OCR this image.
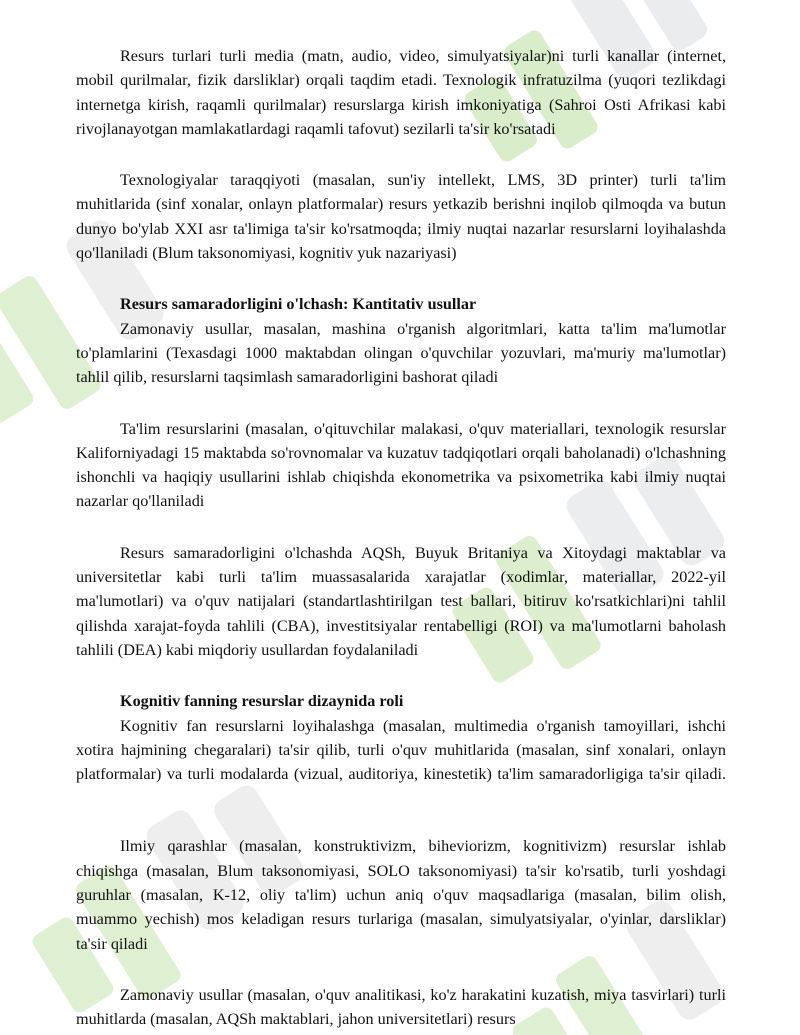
Resurs turlari turli media (matn, audio, video, simulyatsiyalar)ni turli kanallar (internet, mobil qurilmalar, fizik darsliklar) orqali taqdim etadi. Texnologik infratuzilma (yuqori tezlikdagi internetga kirish, raqamli qurilmalar) resurslarga kirish imkoniyatiga (Sahroi Osti Afrikasi kabi rivojlanayotgan mamlakatlardagi raqamli tafovut) sezilarli ta'sir ko'rsatadi

Texnologiyalar taraqqiyoti (masalan, sun'iy intellekt, LMS, 3D printer) turli ta'lim muhitlarida (sinf xonalar, onlayn platformalar) resurs yetkazib berishni inqilob qilmoqda va butun dunyo bo'ylab XXI asr ta'limiga ta'sir ko'rsatmoqda; ilmiy nuqtai nazarlar resurslarni loyihalashda qo'llaniladi (Blum taksonomiyasi, kognitiv yuk nazariyasi)

Resurs samaradorligini o'lchash: Kantitativ usullar

Zamonaviy usullar, masalan, mashina o'rganish algoritmlari, katta ta'lim ma'lumotlar to'plamlarini (Texasdagi 1000 maktabdan olingan o'quvchilar yozuvlari, ma'muriy ma'lumotlar) tahlil qilib, resurslarni taqsimlash samaradorligini bashorat qiladi

Ta'lim resurslarini (masalan, o'qituvchilar malakasi, o'quv materiallari, texnologik resurslar Kaliforniyadagi 15 maktabda so'rovnomalar va kuzatuv tadqiqotlari orqali baholanadi) o'lchashning ishonchli va haqiqiy usullarini ishlab chiqishda ekonometrika va psixometrika kabi ilmiy nuqtai nazarlar qo'llaniladi

Resurs samaradorligini o'lchashda AQSh, Buyuk Britaniya va Xitoydagi maktablar va universitetlar kabi turli ta'lim muassasalarida xarajatlar (xodimlar, materiallar, 2022-yil ma'lumotlari) va o'quv natijalari (standartlashtirilgan test ballari, bitiruv ko'rsatkichlari)ni tahlil qilishda xarajat-foyda tahlili (CBA), investitsiyalar rentabelligi (ROI) va ma'lumotlarni baholash tahlili (DEA) kabi miqdoriy usullardan foydalaniladi

Kognitiv fanning resurslar dizaynida roli

Kognitiv fan resurslarni loyihalashga (masalan, multimedia o'rganish tamoyillari, ishchi xotira hajmining chegaralari) ta'sir qilib, turli o'quv muhitlarida (masalan, sinf xonalari, onlayn platformalar) va turli modalarda (vizual, auditoriya, kinestetik) ta'lim samaradorligiga ta'sir qiladi.

Ilmiy qarashlar (masalan, konstruktivizm, biheviorizm, kognitivizm) resurslar ishlab chiqishga (masalan, Blum taksonomiyasi, SOLO taksonomiyasi) ta'sir ko'rsatib, turli yoshdagi guruhlar (masalan, K-12, oliy ta'lim) uchun aniq o'quv maqsadlariga (masalan, bilim olish, muammo yechish) mos keladigan resurs turlariga (masalan, simulyatsiyalar, o'yinlar, darsliklar) ta'sir qiladi

Zamonaviy usullar (masalan, o'quv analitikasi, ko'z harakatini kuzatish, miya tasvirlari) turli muhitlarda (masalan, AQSh maktablari, jahon universitetlari) resurs
